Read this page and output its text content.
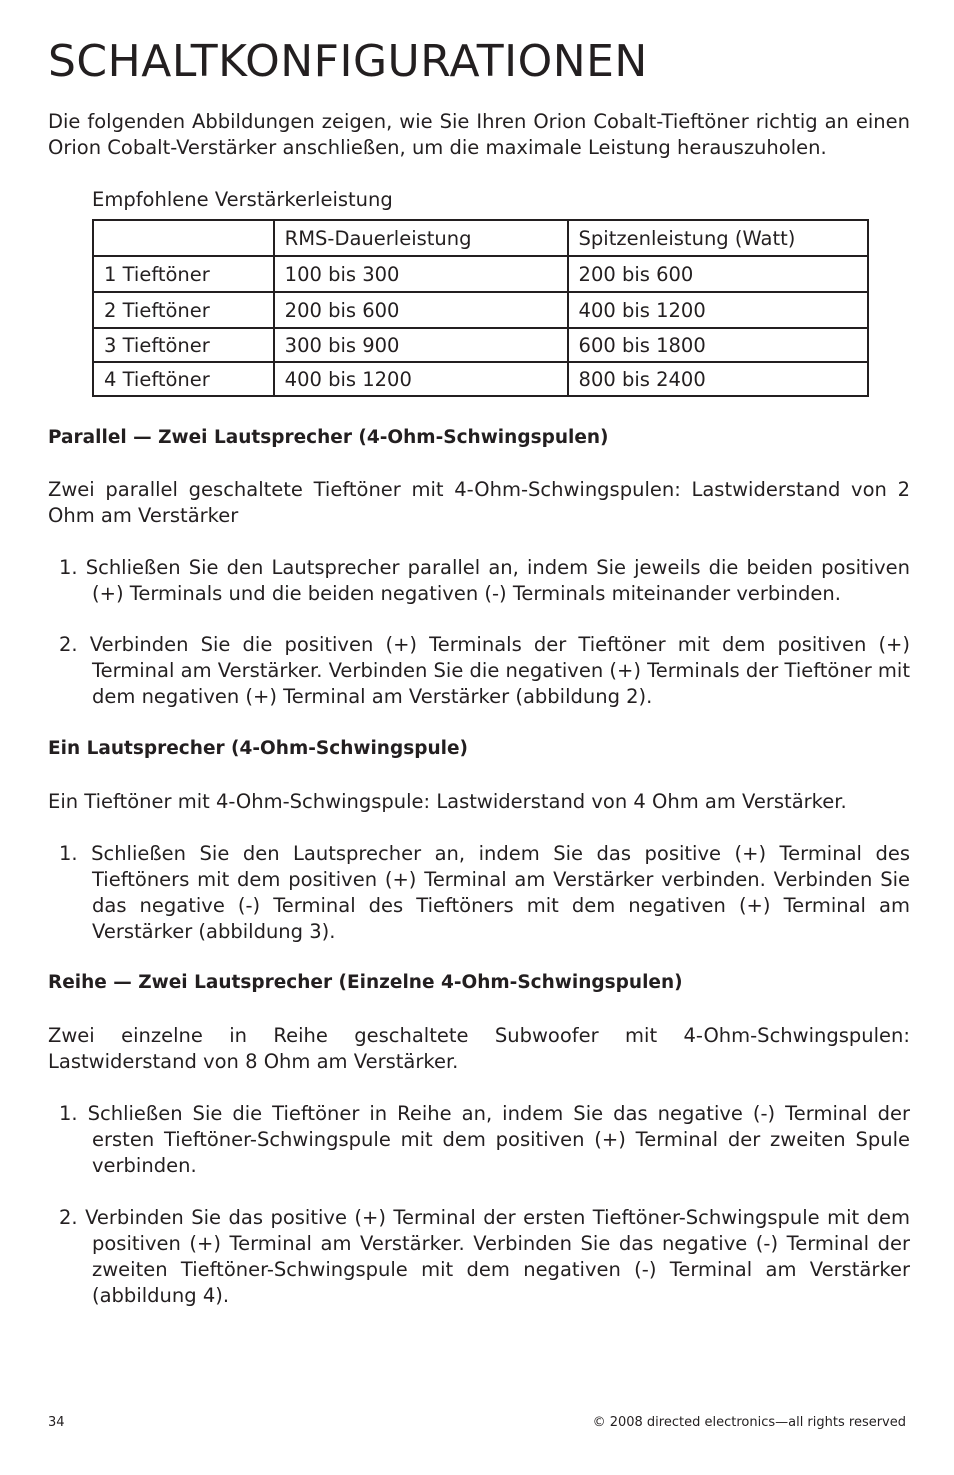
SCHALTKONFIGURATIONEN

Die folgenden Abbildungen zeigen, wie Sie Ihren Orion Cobalt-Tieftöner richtig an einen Orion Cobalt-Verstärker anschließen, um die maximale Leistung herauszuholen.

Empfohlene Verstärkerleistung
	RMS-Dauerleistung	Spitzenleistung (Watt)
1 Tieftöner	100 bis 300	200 bis 600
2 Tieftöner	200 bis 600	400 bis 1200
3 Tieftöner	300 bis 900	600 bis 1800
4 Tieftöner	400 bis 1200	800 bis 2400
Parallel — Zwei Lautsprecher (4-Ohm-Schwingspulen)

Zwei parallel geschaltete Tieftöner mit 4-Ohm-Schwingspulen: Lastwiderstand von 2 Ohm am Verstärker

1. Schließen Sie den Lautsprecher parallel an, indem Sie jeweils die beiden positiven (+) Terminals und die beiden negativen (-) Terminals miteinander verbinden.
2. Verbinden Sie die positiven (+) Terminals der Tieftöner mit dem positiven (+) Terminal am Verstärker. Verbinden Sie die negativen (+) Terminals der Tieftöner mit dem negativen (+) Terminal am Verstärker (abbildung 2).
Ein Lautsprecher (4-Ohm-Schwingspule)

Ein Tieftöner mit 4-Ohm-Schwingspule: Lastwiderstand von 4 Ohm am Verstärker.

1. Schließen Sie den Lautsprecher an, indem Sie das positive (+) Terminal des Tieftöners mit dem positiven (+) Terminal am Verstärker verbinden. Verbinden Sie das negative (-) Terminal des Tieftöners mit dem negativen (+) Terminal am Verstärker (abbildung 3).
Reihe — Zwei Lautsprecher (Einzelne 4-Ohm-Schwingspulen)

Zwei einzelne in Reihe geschaltete Subwoofer mit 4-Ohm-Schwingspulen: Lastwiderstand von 8 Ohm am Verstärker.

1. Schließen Sie die Tieftöner in Reihe an, indem Sie das negative (-) Terminal der ersten Tieftöner-Schwingspule mit dem positiven (+) Terminal der zweiten Spule verbinden.
2. Verbinden Sie das positive (+) Terminal der ersten Tieftöner-Schwingspule mit dem positiven (+) Terminal am Verstärker. Verbinden Sie das negative (-) Terminal der zweiten Tieftöner-Schwingspule mit dem negativen (-) Terminal am Verstärker (abbildung 4).
34	© 2008 directed electronics—all rights reserved
